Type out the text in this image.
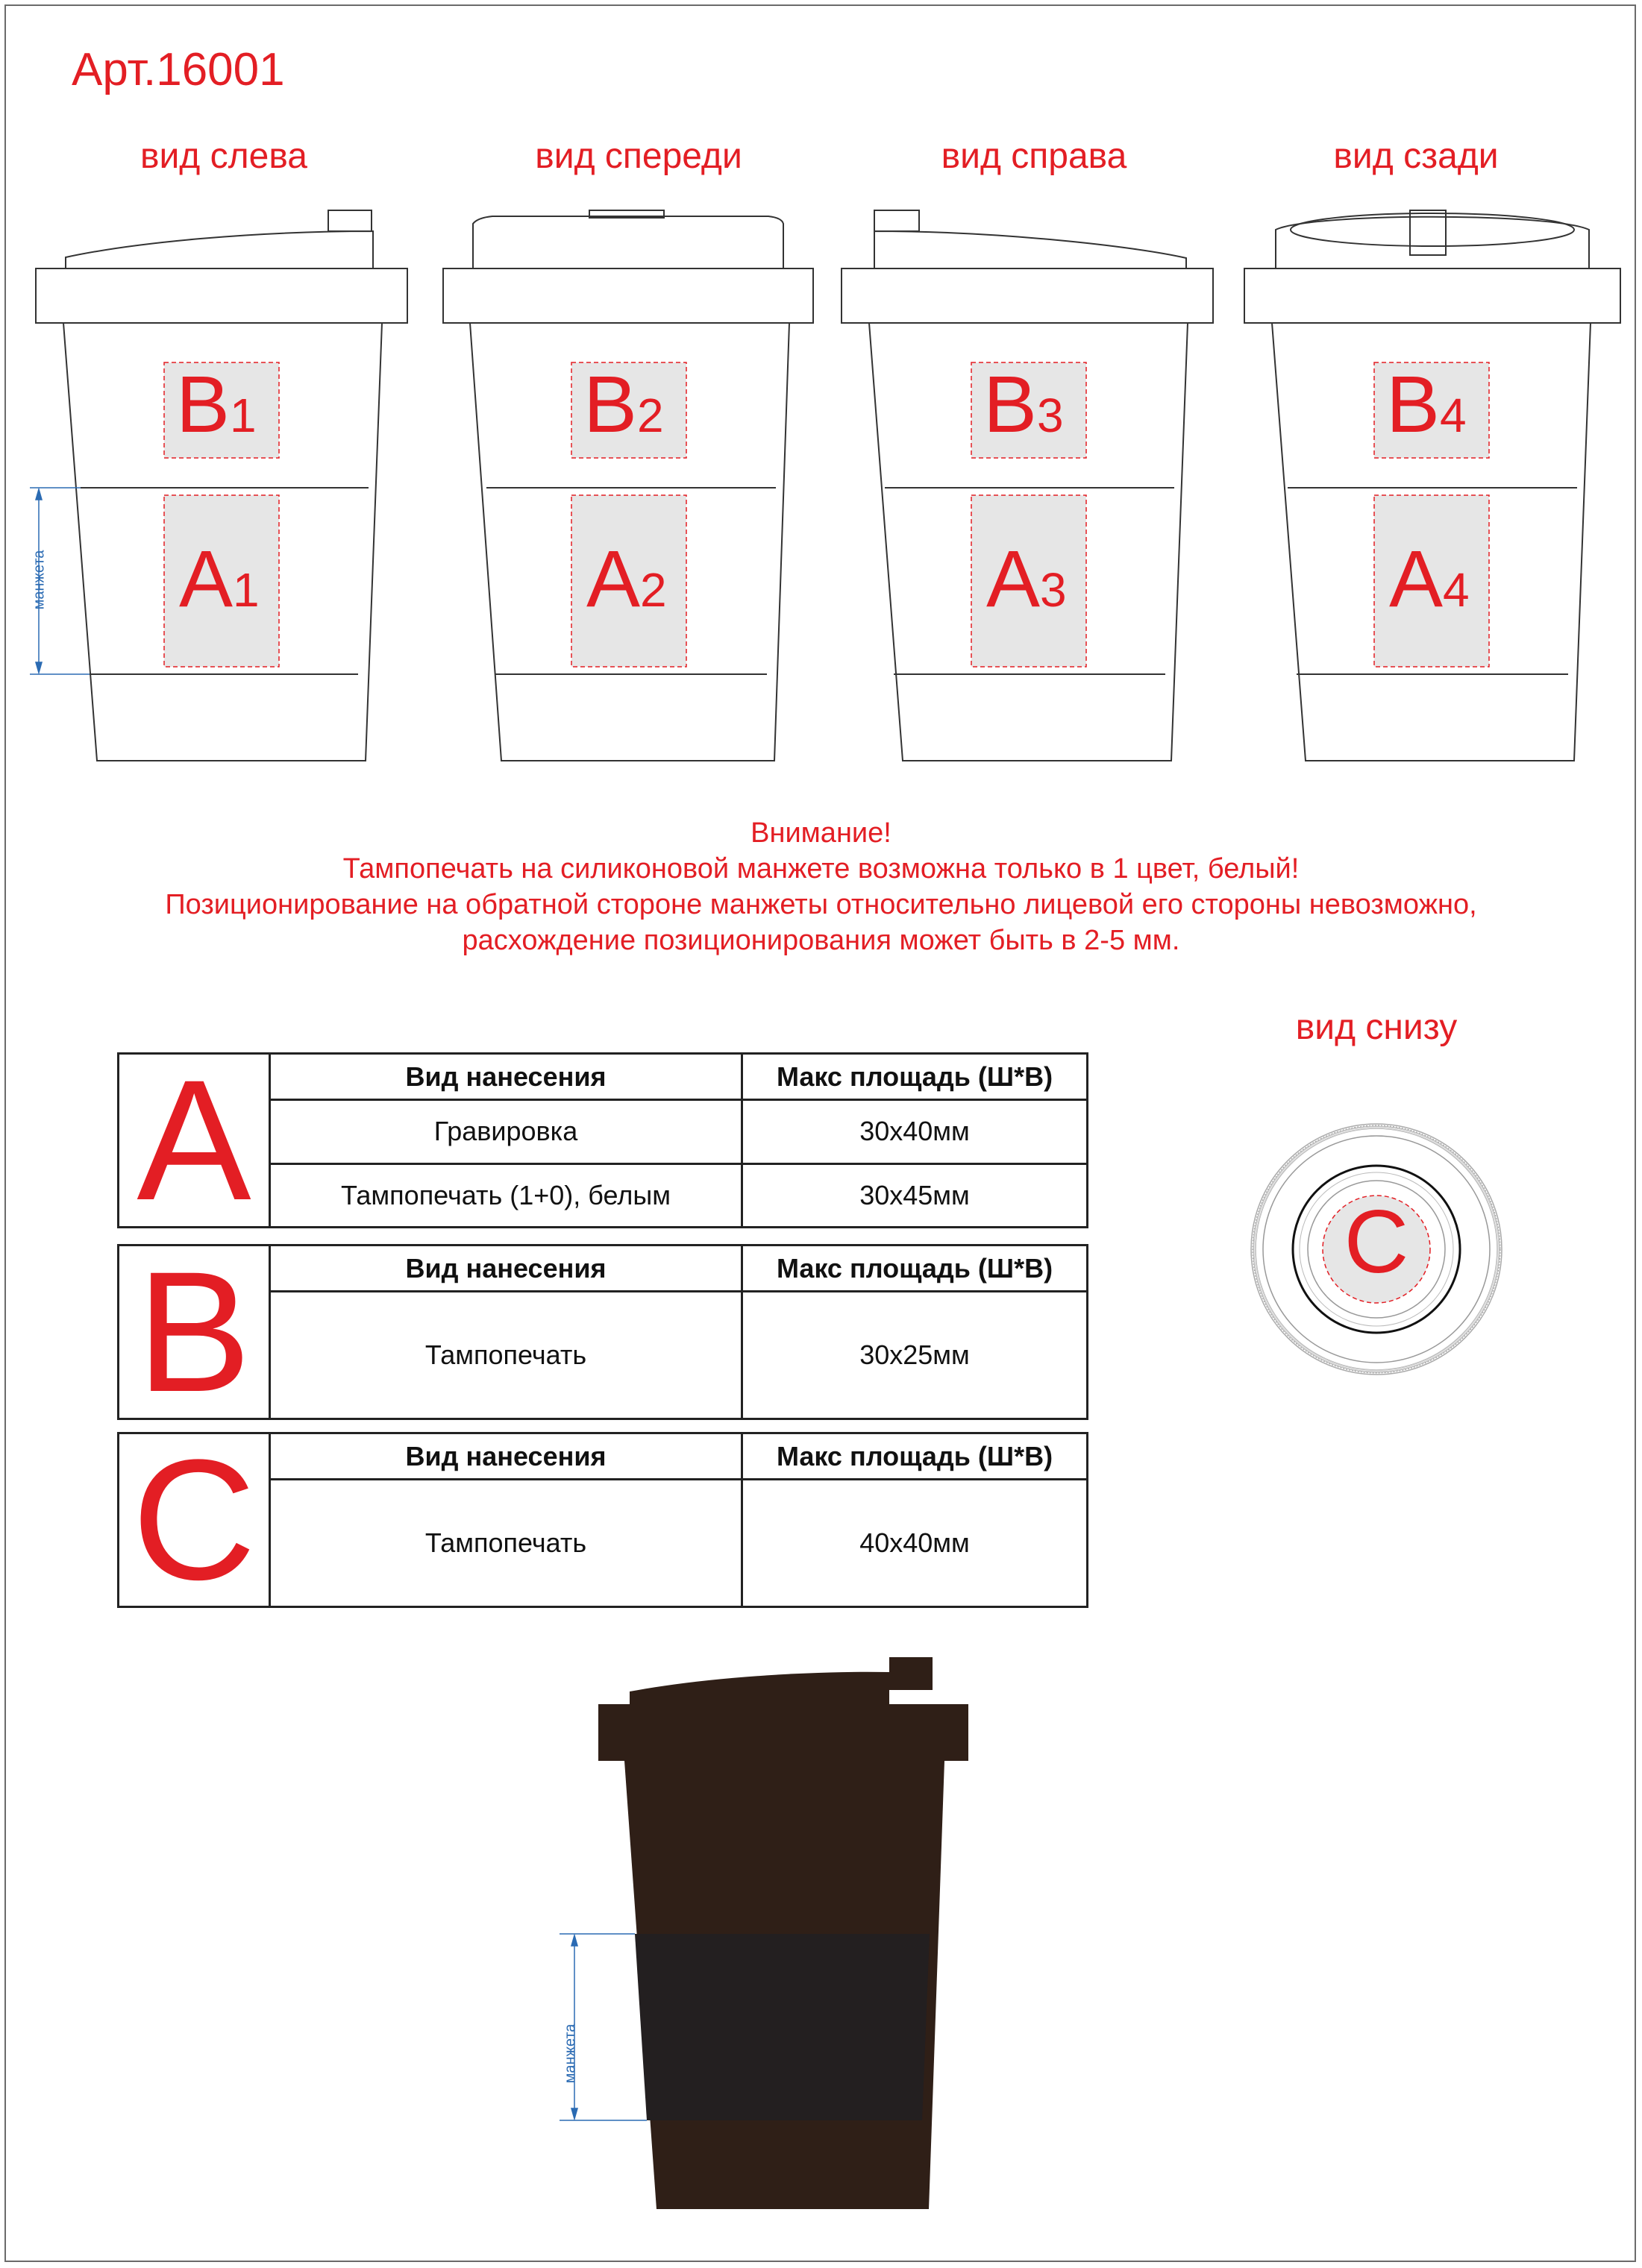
Арт.16001
вид слева	вид спереди	вид справа	вид сзади
B1
A1
B2
A2
B3
A3
B4
A4
манжета
Внимание!
Тампопечать на силиконовой манжете возможна только в 1 цвет, белый!
Позиционирование на обратной стороне манжеты относительно лицевой его стороны невозможно,
расхождение позиционирования может быть в 2-5 мм.
A	Вид нанесения	Макс площадь (Ш*В)
	Гравировка	30x40мм
	Тампопечать (1+0), белым	30x45мм
B	Вид нанесения	Макс площадь (Ш*В)
	Тампопечать	30x25мм
C	Вид нанесения	Макс площадь (Ш*В)
	Тампопечать	40x40мм
вид снизу
C
манжета
